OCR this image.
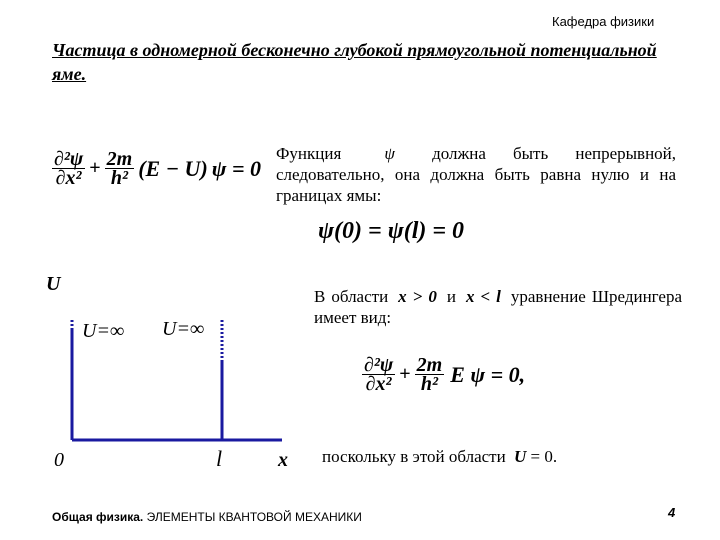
Кафедра физики
Частица в одномерной бесконечно глубокой прямоугольной потенциальной яме.
$\frac{\text{∂²ψ}}{\text{∂x²}} + \frac{2m}{\text{h²}} (E - U) \psi = 0$
Функция	ψ должна быть непрерывной, следовательно, она должна быть равна нулю и на границах ямы:
ψ(0) = ψ(l) = 0
U
U=∞ U=∞
0	l	x
В области x > 0 и x < l уравнение Шредингера имеет вид:
$\frac{\text{∂²ψ}}{\text{∂x²}} + \frac{2m}{\text{h²}}$ E ψ = 0,
поскольку в этой области U = 0.
Общая физика. ЭЛЕМЕНТЫ КВАНТОВОЙ МЕХАНИКИ	4
